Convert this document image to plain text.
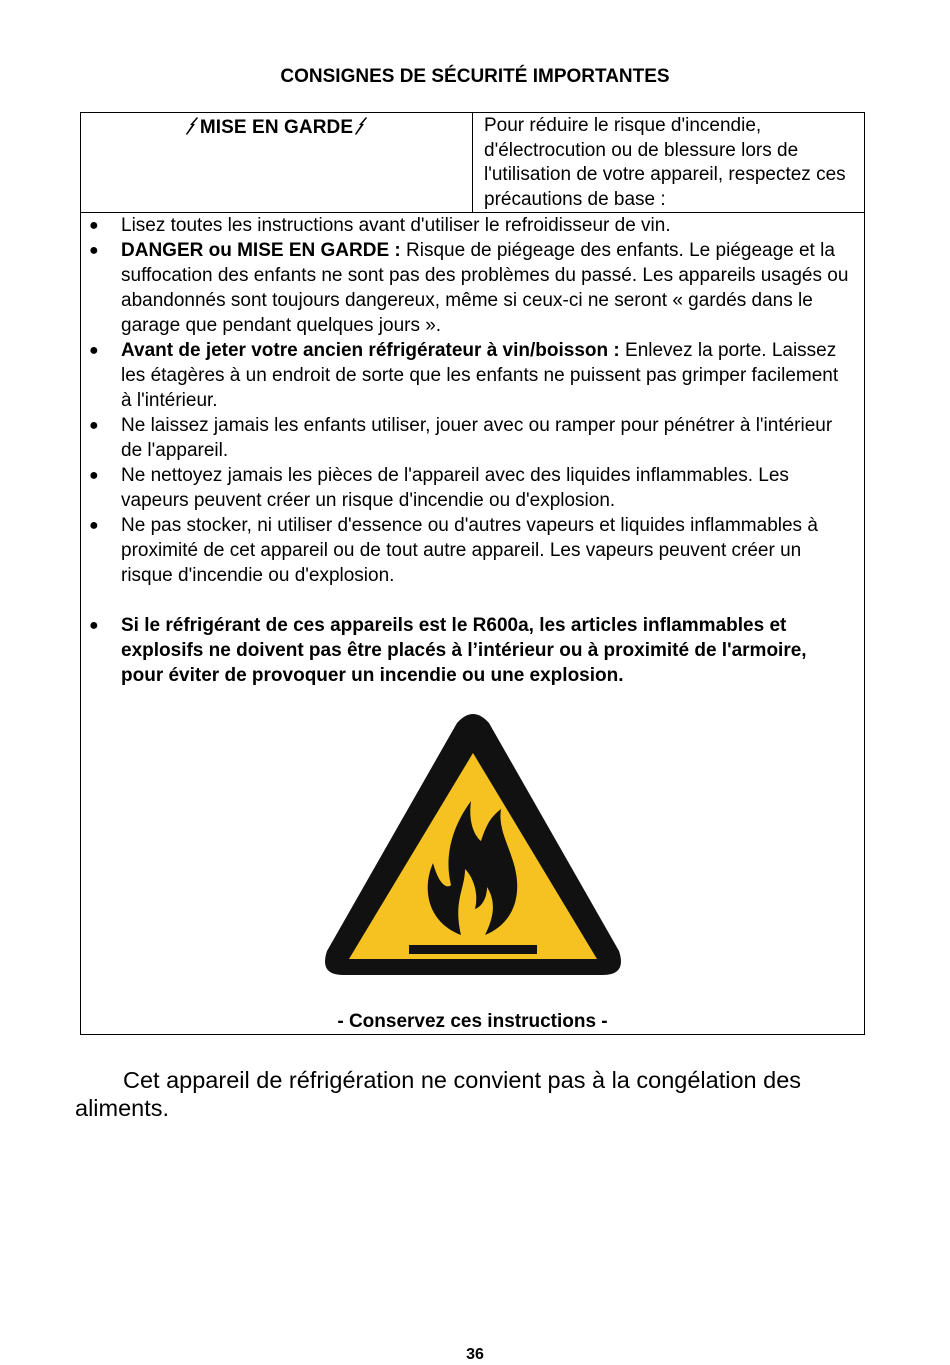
CONSIGNES DE SÉCURITÉ IMPORTANTES
MISE EN GARDE	Pour réduire le risque d'incendie, d'électrocution ou de blessure lors de l'utilisation de votre appareil, respectez ces précautions de base :
● Lisez toutes les instructions avant d'utiliser le refroidisseur de vin.
● DANGER ou MISE EN GARDE : Risque de piégeage des enfants. Le piégeage et la suffocation des enfants ne sont pas des problèmes du passé. Les appareils usagés ou abandonnés sont toujours dangereux, même si ceux-ci ne seront « gardés dans le garage que pendant quelques jours ».
● Avant de jeter votre ancien réfrigérateur à vin/boisson : Enlevez la porte. Laissez les étagères à un endroit de sorte que les enfants ne puissent pas grimper facilement à l'intérieur.
● Ne laissez jamais les enfants utiliser, jouer avec ou ramper pour pénétrer à l'intérieur de l'appareil.
● Ne nettoyez jamais les pièces de l'appareil avec des liquides inflammables. Les vapeurs peuvent créer un risque d'incendie ou d'explosion.
● Ne pas stocker, ni utiliser d'essence ou d'autres vapeurs et liquides inflammables à proximité de cet appareil ou de tout autre appareil. Les vapeurs peuvent créer un risque d'incendie ou d'explosion.
● Si le réfrigérant de ces appareils est le R600a, les articles inflammables et explosifs ne doivent pas être placés à l’intérieur ou à proximité de l'armoire, pour éviter de provoquer un incendie ou une explosion.
- Conservez ces instructions -
Cet appareil de réfrigération ne convient pas à la congélation des aliments.
36
